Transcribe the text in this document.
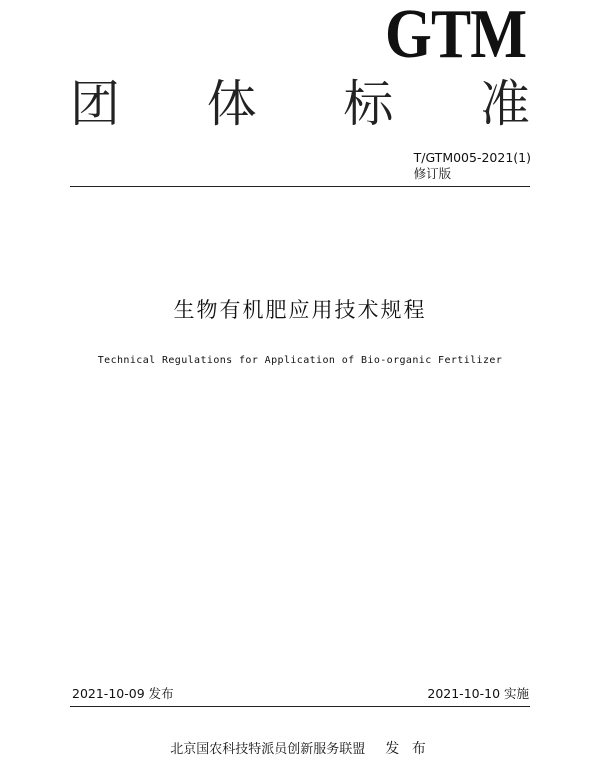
GTM
团 体 标 准
T/GTM005-2021(1)
修订版
生物有机肥应用技术规程
Technical Regulations for Application of Bio-organic Fertilizer
2021-10-09 发布	2021-10-10 实施
北京国农科技特派员创新服务联盟 发 布
